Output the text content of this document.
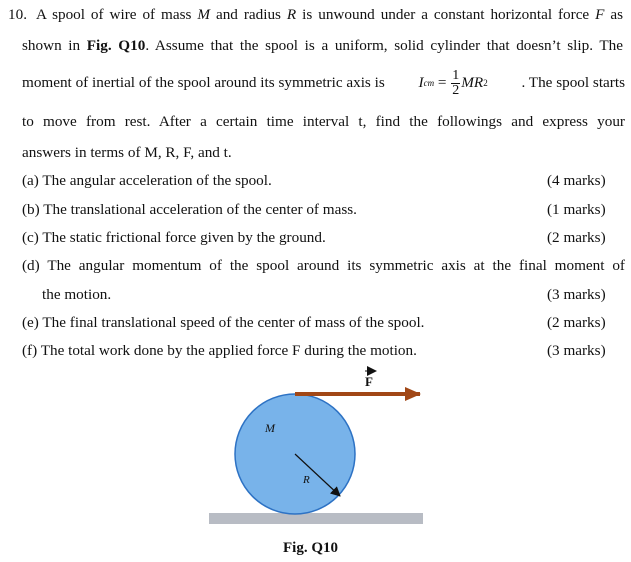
10. A spool of wire of mass M and radius R is unwound under a constant horizontal force F as
shown in Fig. Q10. Assume that the spool is a uniform, solid cylinder that doesn’t slip. The
moment of inertial of the spool around its symmetric axis is I cm = $\frac{1}{2}$ MR 2 . The spool starts
to move from rest. After a certain time interval t, find the followings and express your
answers in terms of M, R, F, and t.
(a) The angular acceleration of the spool.	(4 marks)
(b) The translational acceleration of the center of mass.	(1 marks)
(c) The static frictional force given by the ground.	(2 marks)
(d) The angular momentum of the spool around its symmetric axis at the final moment of
the motion.	(3 marks)
(e) The final translational speed of the center of mass of the spool.	(2 marks)
(f) The total work done by the applied force F during the motion.	(3 marks)
M
R
F
Fig. Q10
